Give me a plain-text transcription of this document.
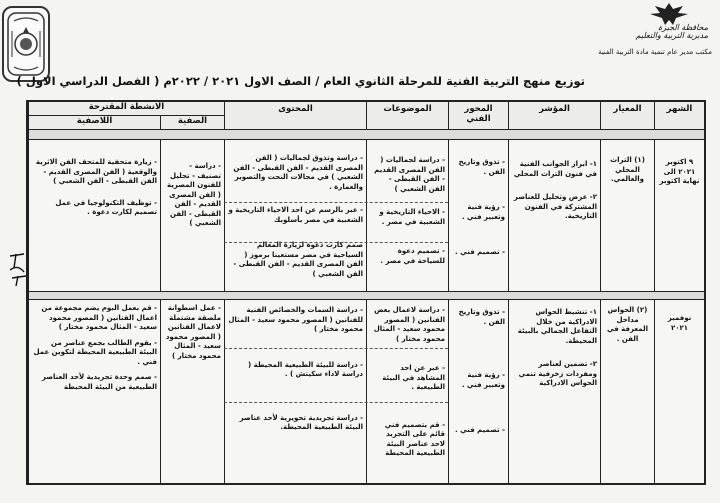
محافظة الجيزة
مديرية التربية والتعليم
مكتب مدير عام تنمية مادة التربية الفنية
توزيع منهج التربية الفنية للمرحلة الثانوي العام / الصف الاول ٢٠٢١ / ٢٠٢٢م ( الفصل الدراسي الاول )
الشهر
المعيار
المؤشر
المحور الفني
الموضوعات
المحتوى
الانشطة المقترحة
الصفية
اللاصفية
٩ اكتوبر ٢٠٢١ الى نهاية اكتوبر
(١) التراث المحلي والعالمي.
١- ابراز الجوانب الفنية في فنون التراث المحلي
٢- عرض وتحليل للعناصر المشتركة في الفنون التاريخية.
- تذوق وتاريخ الفن .
- رؤية فنية وتعبير فني .
- تصميم فني .
- دراسة لجماليات ( الفن المصرى القديم - الفن القبطى - الفن الشعبي )
- الاحياء التاريخية و الشعبية في مصر .
- تصميم دعوة للسياحة في مصر .
- دراسة وتذوق لجماليات ( الفن المصرى القديم - الفن القبطى - الفن الشعبي ) في مجالات النحت والتصوير والعمارة .
- عبر بالرسم عن احد الاحياء التاريخية و الشعبية في مصر بأسلوبك
صمم كارت دعوة لزيارة المعالم السياحية في مصر مستعينا برموز ( الفن المصرى القديم - الفن القبطى - الفن الشعبي )
- دراسة - تصنيف - تحليل للفنون المصرية ( الفن المصرى القديم - الفن القبطى - الفن الشعبي )
- زيارة متحفية للمتحف الفن الاثرية والوقعية ( الفن المصرى القديم - الفن القبطى - الفن الشعبي )
- توظيف التكنولوجيا في عمل تصميم لكارت دعوة .
نوفمبر ٢٠٢١
(٢) الحواس مداخل المعرفة في الفن .
١- تنشيط الحواس الادراكية من خلال التفاعل الجمالي بالبيئة المحيطة.
٢- تضمين لعناصر ومفردات زخرفية تنمي الحواس الادراكية
- تذوق وتاريخ الفن .
- رؤية فنية وتعبير فني .
- تصميم فني .
- دراسة لاعمال بعض الفنانين ( المصور محمود سعيد - المثال محمود مختار )
- عبر عن احد المشاهد في البيئة الطبيعية .
- قم بتصميم فني قائم على التجريد لاحد عناصر البيئة الطبيعية المحيطة
- دراسة السمات والخصائص الفنية للفنانين ( المصور محمود سعيد - المثال محمود مختار )
- دراسة للبيئة الطبيعية المحيطة ( دراسة لاداء سكيتش ) .
- دراسة تجريدية تحويرية لأحد عناصر البيئة الطبيعية المحيطة.
- عمل اسطوانة ملصقة مشتملة لاعمال الفنانين ( المصور محمود سعيد - المثال محمود مختار )
- قم بعمل البوم يضم مجموعة من اعمال الفنانين ( المصور محمود سعيد - المثال محمود مختار )
- يقوم الطالب بجمع عناصر من البيئة الطبيعية المحيطة لتكوين عمل فني .
- صمم وحدة تجريدية لأحد العناصر الطبيعية من البيئة المحيطة
